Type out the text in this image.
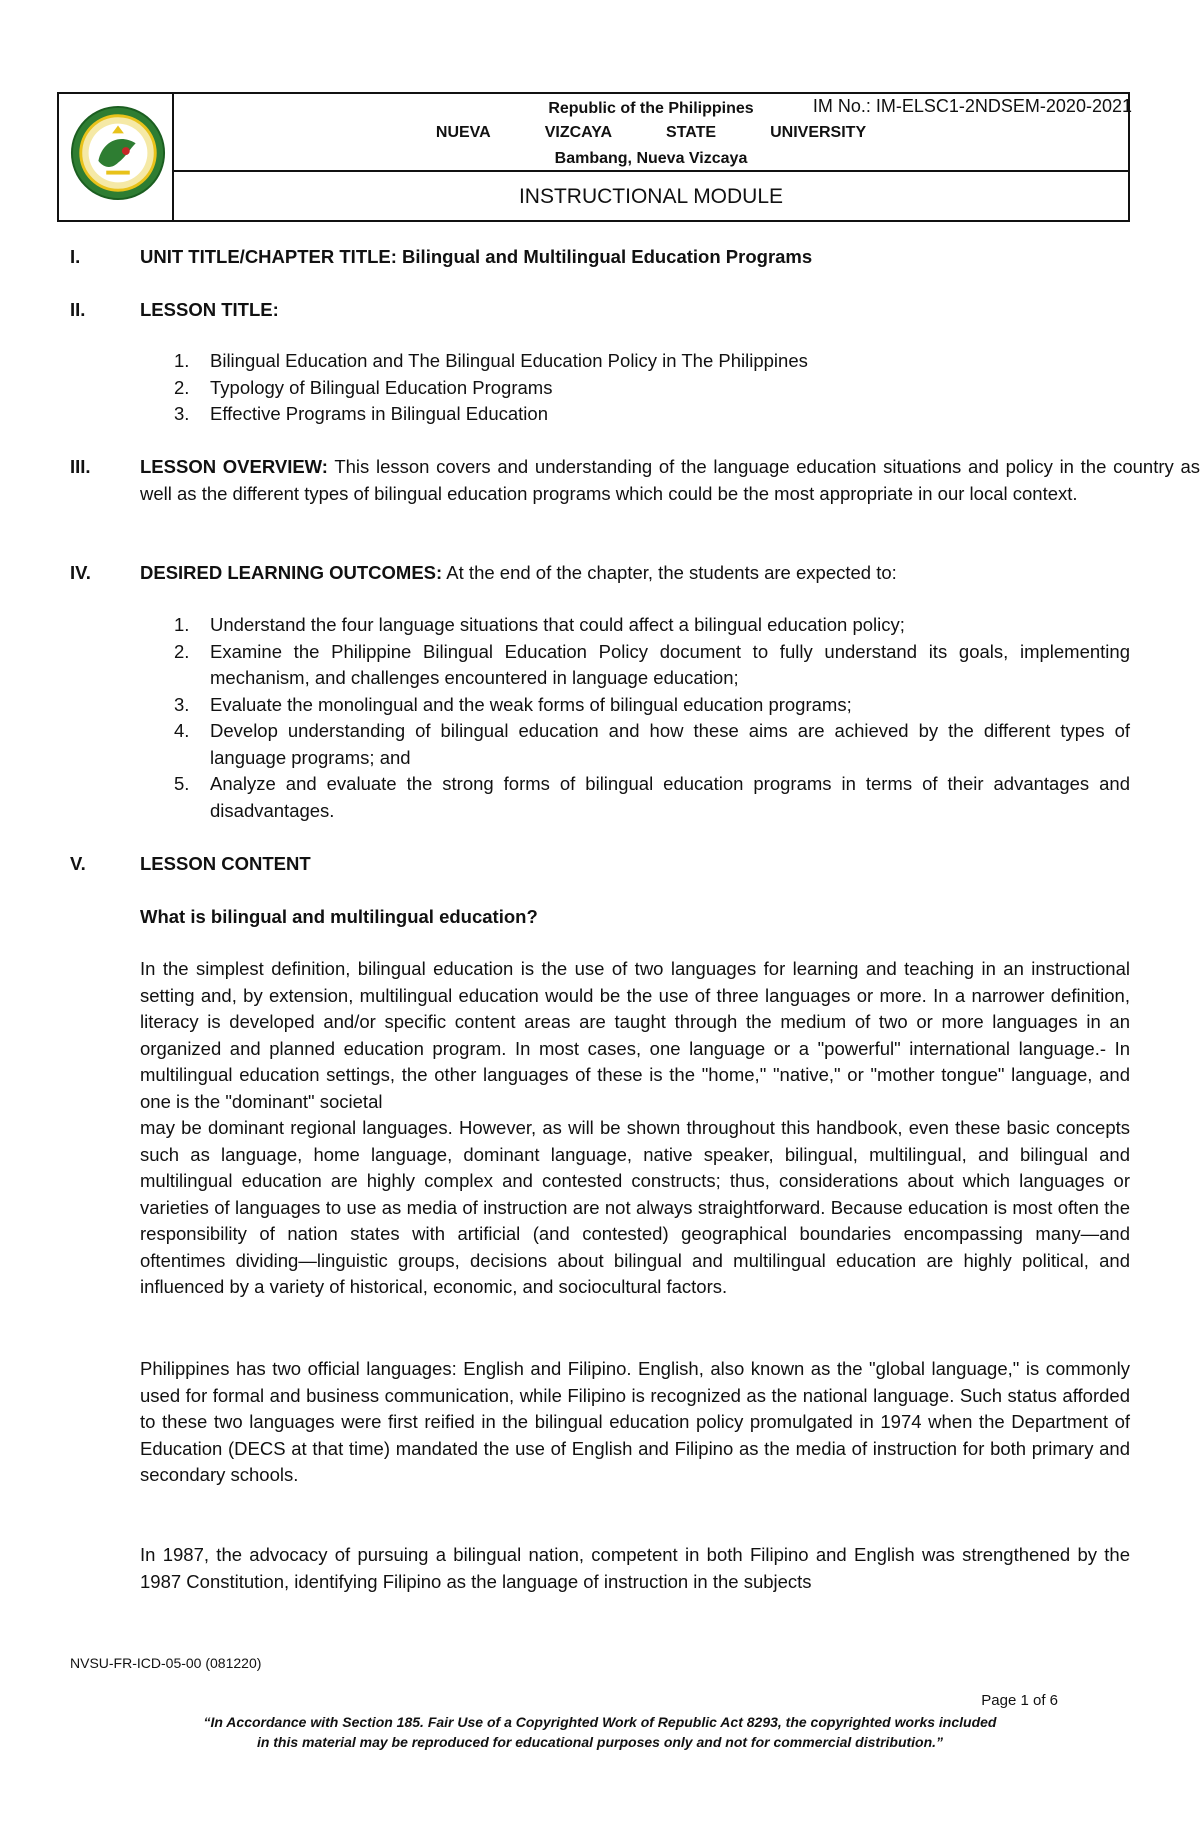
Republic of the Philippines	IM No.: IM-ELSC1-2NDSEM-2020-2021
NUEVA	VIZCAYA	STATE	UNIVERSITY
Bambang, Nueva Vizcaya
INSTRUCTIONAL MODULE
I.	UNIT TITLE/CHAPTER TITLE: Bilingual and Multilingual Education Programs
II.	LESSON TITLE:
1. Bilingual Education and The Bilingual Education Policy in The Philippines
2. Typology of Bilingual Education Programs
3. Effective Programs in Bilingual Education
III.	LESSON OVERVIEW: This lesson covers and understanding of the language education situations and policy in the country as well as the different types of bilingual education programs which could be the most appropriate in our local context.
IV.	DESIRED LEARNING OUTCOMES: At the end of the chapter, the students are expected to:
1. Understand the four language situations that could affect a bilingual education policy;
2. Examine the Philippine Bilingual Education Policy document to fully understand its goals, implementing mechanism, and challenges encountered in language education;
3. Evaluate the monolingual and the weak forms of bilingual education programs;
4. Develop understanding of bilingual education and how these aims are achieved by the different types of language programs; and
5. Analyze and evaluate the strong forms of bilingual education programs in terms of their advantages and disadvantages.
V.	LESSON CONTENT
What is bilingual and multilingual education?

In the simplest definition, bilingual education is the use of two languages for learning and teaching in an instructional setting and, by extension, multilingual education would be the use of three languages or more. In a narrower definition, literacy is developed and/or specific content areas are taught through the medium of two or more languages in an organized and planned education program. In most cases, one language or a "powerful" international language.- In multilingual education settings, the other languages of these is the "home," "native," or "mother tongue" language, and one is the "dominant" societal

may be dominant regional languages. However, as will be shown throughout this handbook, even these basic concepts such as language, home language, dominant language, native speaker, bilingual, multilingual, and bilingual and multilingual education are highly complex and contested constructs; thus, considerations about which languages or varieties of languages to use as media of instruction are not always straightforward. Because education is most often the responsibility of nation states with artificial (and contested) geographical boundaries encompassing many—and oftentimes dividing—linguistic groups, decisions about bilingual and multilingual education are highly political, and influenced by a variety of historical, economic, and sociocultural factors.

Philippines has two official languages: English and Filipino. English, also known as the "global language," is commonly used for formal and business communication, while Filipino is recognized as the national language. Such status afforded to these two languages were first reified in the bilingual education policy promulgated in 1974 when the Department of Education (DECS at that time) mandated the use of English and Filipino as the media of instruction for both primary and secondary schools.

In 1987, the advocacy of pursuing a bilingual nation, competent in both Filipino and English was strengthened by the 1987 Constitution, identifying Filipino as the language of instruction in the subjects

NVSU-FR-ICD-05-00 (081220)
Page 1 of 6
“In Accordance with Section 185. Fair Use of a Copyrighted Work of Republic Act 8293, the copyrighted works included
in this material may be reproduced for educational purposes only and not for commercial distribution.”
